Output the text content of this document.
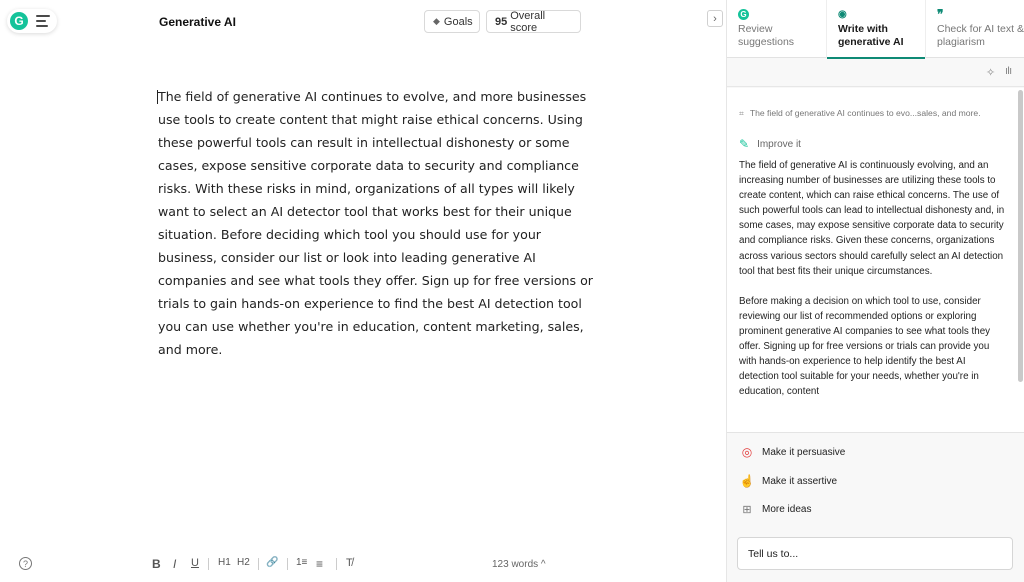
G	Generative AI	◆ Goals 95 Overall score
›
The field of generative AI continues to evolve, and more businesses use tools to create content that might raise ethical concerns. Using these powerful tools can result in intellectual dishonesty or some cases, expose sensitive corporate data to security and compliance risks. With these risks in mind, organizations of all types will likely want to select an AI detector tool that works best for their unique situation. Before deciding which tool you should use for your business, consider our list or look into leading generative AI companies and see what tools they offer. Sign up for free versions or trials to gain hands-on experience to find the best AI detection tool you can use whether you're in education, content marketing, sales, and more.
?	B I U H1 H2 🔗 1≡ ≡ T̸	123 words ^
G
Review suggestions
◉
Write with generative AI
❞
Check for AI text & plagiarism
✧ ıIı
⌗ The field of generative AI continues to evo...sales, and more.
✎ Improve it

The field of generative AI is continuously evolving, and an increasing number of businesses are utilizing these tools to create content, which can raise ethical concerns. The use of such powerful tools can lead to intellectual dishonesty and, in some cases, may expose sensitive corporate data to security and compliance risks. Given these concerns, organizations across various sectors should carefully select an AI detection tool that best fits their unique circumstances.

Before making a decision on which tool to use, consider reviewing our list of recommended options or exploring prominent generative AI companies to see what tools they offer. Signing up for free versions or trials can provide you with hands-on experience to help identify the best AI detection tool suitable for your needs, whether you're in education, content

◎ Make it persuasive
☝ Make it assertive
⊞	More ideas
Tell us to...
